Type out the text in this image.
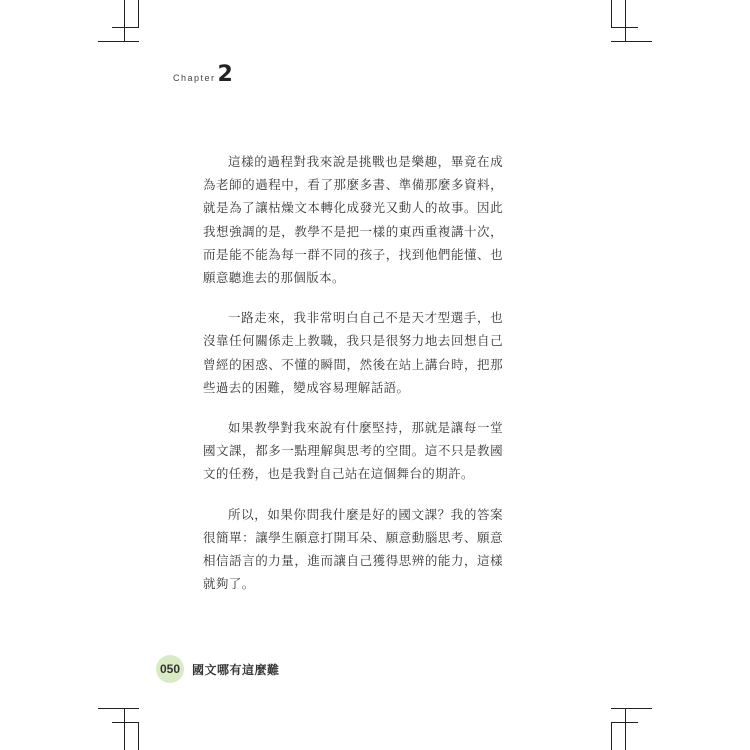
Chapter 2

這樣的過程對我來說是挑戰也是樂趣，畢竟在成為老師的過程中，看了那麼多書、準備那麼多資料，就是為了讓枯燥文本轉化成發光又動人的故事。因此我想強調的是，教學不是把一樣的東西重複講十次，而是能不能為每一群不同的孩子，找到他們能懂、也願意聽進去的那個版本。

一路走來，我非常明白自己不是天才型選手，也沒靠任何關係走上教職，我只是很努力地去回想自己曾經的困惑、不懂的瞬間，然後在站上講台時，把那些過去的困難，變成容易理解話語。

如果教學對我來說有什麼堅持，那就是讓每一堂國文課，都多一點理解與思考的空間。這不只是教國文的任務，也是我對自己站在這個舞台的期許。

所以，如果你問我什麼是好的國文課？我的答案很簡單：讓學生願意打開耳朵、願意動腦思考、願意相信語言的力量，進而讓自己獲得思辨的能力，這樣就夠了。

050 國文哪有這麼難
